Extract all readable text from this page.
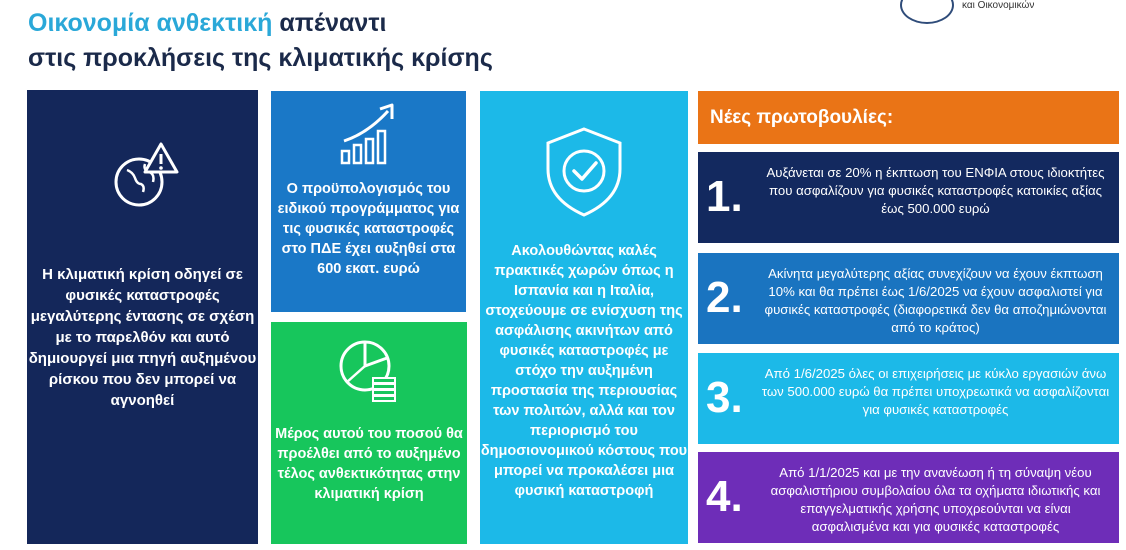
Οικονομία ανθεκτική απέναντι
στις προκλήσεις της κλιματικής κρίσης
και Οικονομικών
Η κλιματική κρίση οδηγεί σε φυσικές καταστροφές μεγαλύτερης έντασης σε σχέση με το παρελθόν και αυτό δημιουργεί μια πηγή αυξημένου ρίσκου που δεν μπορεί να αγνοηθεί
Ο προϋπολογισμός του ειδικού προγράμματος για τις φυσικές καταστροφές στο ΠΔΕ έχει αυξηθεί στα 600 εκατ. ευρώ
Μέρος αυτού του ποσού θα προέλθει από το αυξημένο τέλος ανθεκτικότητας στην κλιματική κρίση
Ακολουθώντας καλές πρακτικές χωρών όπως η Ισπανία και η Ιταλία, στοχεύουμε σε ενίσχυση της ασφάλισης ακινήτων από φυσικές καταστροφές με στόχο την αυξημένη προστασία της περιουσίας των πολιτών, αλλά και τον περιορισμό του δημοσιονομικού κόστους που μπορεί να προκαλέσει μια φυσική καταστροφή
Νέες πρωτοβουλίες:
1.	Αυξάνεται σε 20% η έκπτωση του ΕΝΦΙΑ στους ιδιοκτήτες που ασφαλίζουν για φυσικές καταστροφές κατοικίες αξίας έως 500.000 ευρώ
2.	Ακίνητα μεγαλύτερης αξίας συνεχίζουν να έχουν έκπτωση 10% και θα πρέπει έως 1/6/2025 να έχουν ασφαλιστεί για φυσικές καταστροφές (διαφορετικά δεν θα αποζημιώνονται από το κράτος)
3.	Από 1/6/2025 όλες οι επιχειρήσεις με κύκλο εργασιών άνω των 500.000 ευρώ θα πρέπει υποχρεωτικά να ασφαλίζονται για φυσικές καταστροφές
4.	Από 1/1/2025 και με την ανανέωση ή τη σύναψη νέου ασφαλιστήριου συμβολαίου όλα τα οχήματα ιδιωτικής και επαγγελματικής χρήσης υποχρεούνται να είναι ασφαλισμένα και για φυσικές καταστροφές
